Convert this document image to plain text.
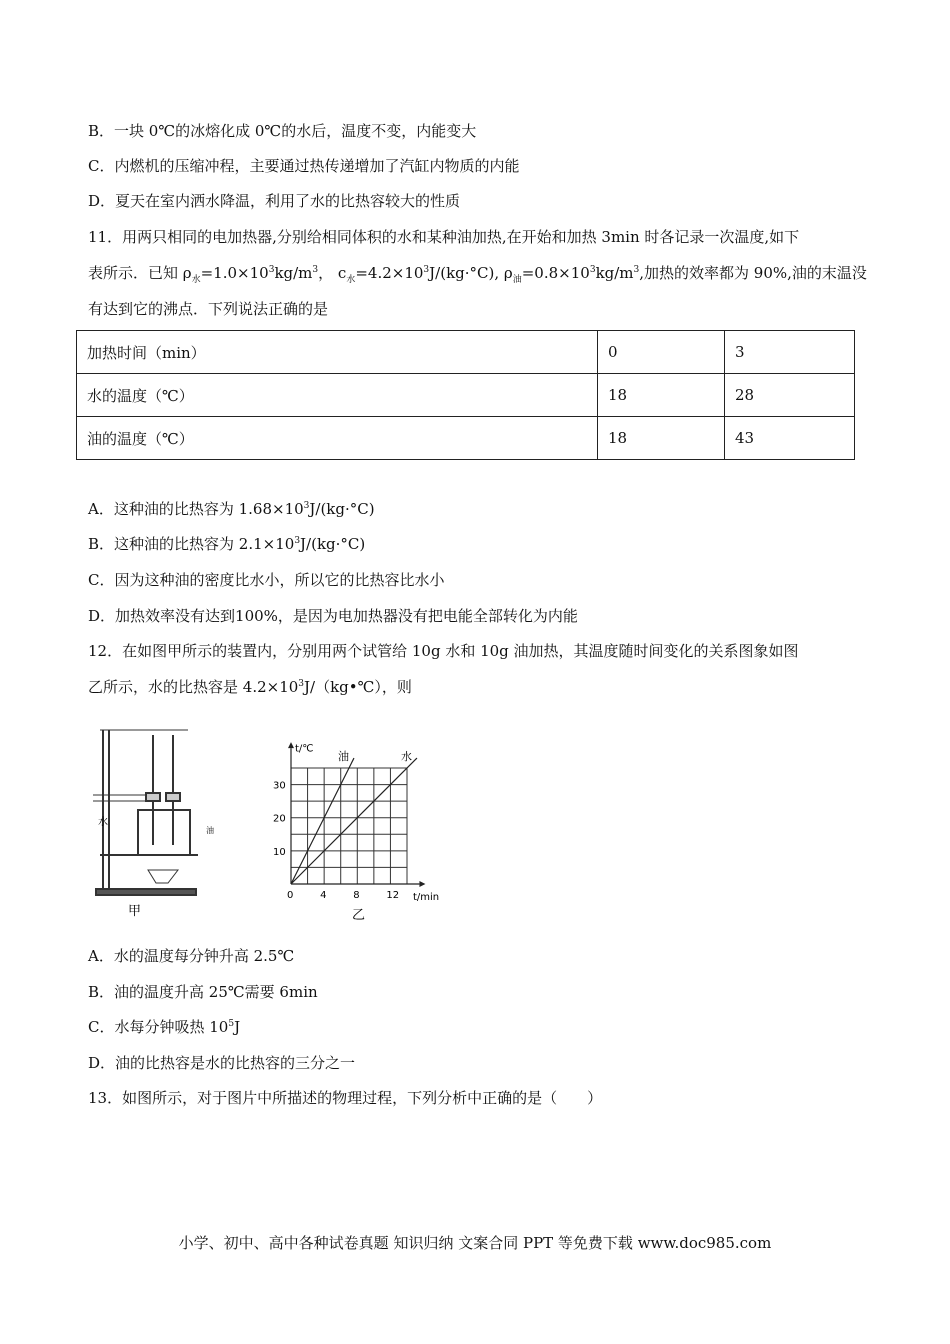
B．一块 0℃的冰熔化成 0℃的水后，温度不变，内能变大
C．内燃机的压缩冲程，主要通过热传递增加了汽缸内物质的内能
D．夏天在室内洒水降温，利用了水的比热容较大的性质
11．用两只相同的电加热器,分别给相同体积的水和某种油加热,在开始和加热 3min 时各记录一次温度,如下
表所示．已知 $\rho_水=1.0\times 10^3kg/m^3$， $c_水=4.2\times 10^3J/(kg\cdot^\circ C)$, $\rho_油=0.8\times 10^3kg/m^3$,加热的效率都为 90%,油的末温没
有达到它的沸点．下列说法正确的是
加热时间（min）	0	3
水的温度（℃）	18	28
油的温度（℃）	18	43
A．这种油的比热容为 $1.68\times 10^3J/(kg\cdot^\circ C)$
B．这种油的比热容为 $2.1\times 10^3J/(kg\cdot^\circ C)$
C．因为这种油的密度比水小，所以它的比热容比水小
D．加热效率没有达到100%，是因为电加热器没有把电能全部转化为内能
12．在如图甲所示的装置内，分别用两个试管给 10g 水和 10g 油加热，其温度随时间变化的关系图象如图
乙所示，水的比热容是 $4.2\times 10^3J/(kg•℃)$，则
水
油
甲
油	水
0	4	8	12
10
20
30
t/min
t/℃
乙
A．水的温度每分钟升高 2.5℃
B．油的温度升高 25℃需要 6min
C．水每分钟吸热 $10^5J$
D．油的比热容是水的比热容的三分之一
13．如图所示，对于图片中所描述的物理过程，下列分析中正确的是（　　）
小学、初中、高中各种试卷真题 知识归纳 文案合同 PPT 等免费下载 www.doc985.com
